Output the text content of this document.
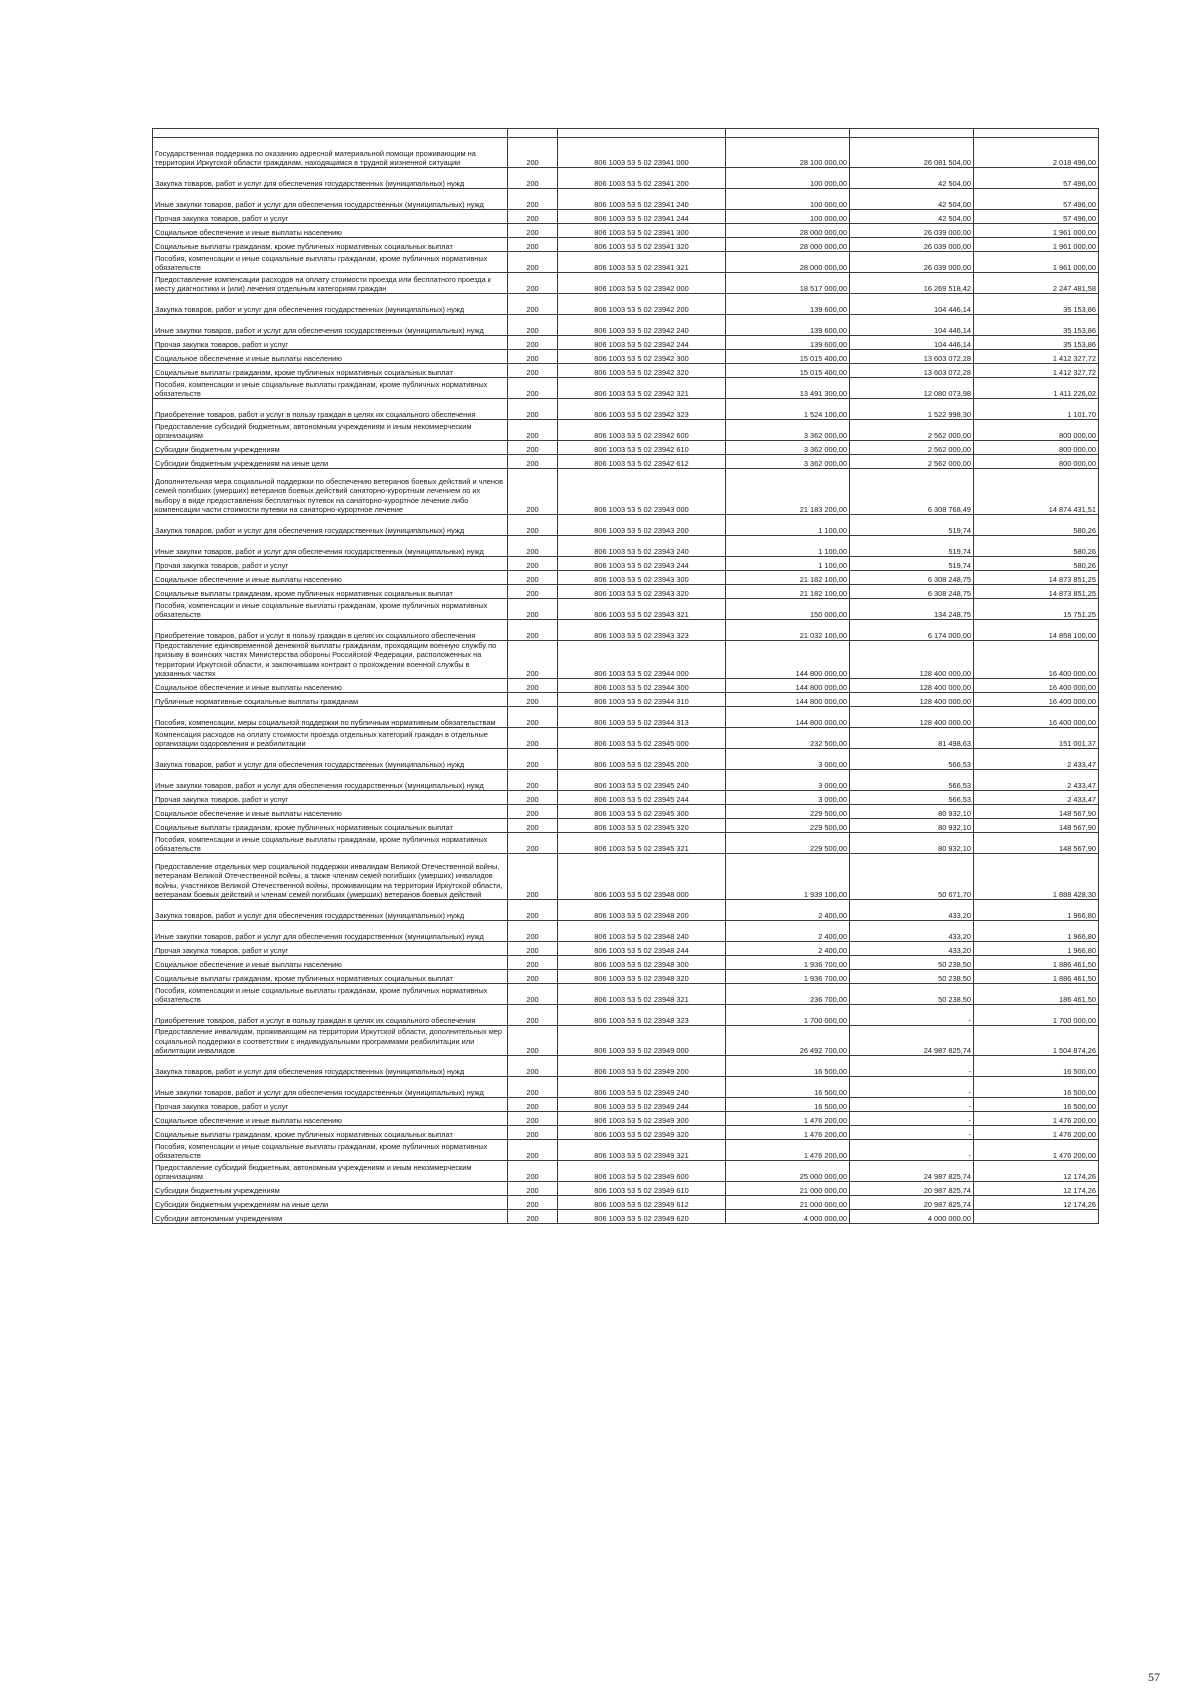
Государственная поддержка по оказанию адресной материальной помощи проживающим на территории Иркутской области гражданам, находящимся в трудной жизненной ситуации	200	806 1003 53 5 02 23941 000	28 100 000,00	26 081 504,00	2 018 496,00
Закупка товаров, работ и услуг для обеспечения государственных (муниципальных) нужд	200	806 1003 53 5 02 23941 200	100 000,00	42 504,00	57 496,00
Иные закупки товаров, работ и услуг для обеспечения государственных (муниципальных) нужд	200	806 1003 53 5 02 23941 240	100 000,00	42 504,00	57 496,00
Прочая закупка товаров, работ и услуг	200	806 1003 53 5 02 23941 244	100 000,00	42 504,00	57 496,00
Социальное обеспечение и иные выплаты населению	200	806 1003 53 5 02 23941 300	28 000 000,00	26 039 000,00	1 961 000,00
Социальные выплаты гражданам, кроме публичных нормативных социальных выплат	200	806 1003 53 5 02 23941 320	28 000 000,00	26 039 000,00	1 961 000,00
Пособия, компенсации и иные социальные выплаты гражданам, кроме публичных нормативных обязательств	200	806 1003 53 5 02 23941 321	28 000 000,00	26 039 000,00	1 961 000,00
Предоставление компенсации расходов на оплату стоимости проезда или бесплатного проезда к месту диагностики и (или) лечения отдельным категориям граждан	200	806 1003 53 5 02 23942 000	18 517 000,00	16 269 518,42	2 247 481,58
Закупка товаров, работ и услуг для обеспечения государственных (муниципальных) нужд	200	806 1003 53 5 02 23942 200	139 600,00	104 446,14	35 153,86
Иные закупки товаров, работ и услуг для обеспечения государственных (муниципальных) нужд	200	806 1003 53 5 02 23942 240	139 600,00	104 446,14	35 153,86
Прочая закупка товаров, работ и услуг	200	806 1003 53 5 02 23942 244	139 600,00	104 446,14	35 153,86
Социальное обеспечение и иные выплаты населению	200	806 1003 53 5 02 23942 300	15 015 400,00	13 603 072,28	1 412 327,72
Социальные выплаты гражданам, кроме публичных нормативных социальных выплат	200	806 1003 53 5 02 23942 320	15 015 400,00	13 603 072,28	1 412 327,72
Пособия, компенсации и иные социальные выплаты гражданам, кроме публичных нормативных обязательств	200	806 1003 53 5 02 23942 321	13 491 300,00	12 080 073,98	1 411 226,02
Приобретение товаров, работ и услуг в пользу граждан в целях их социального обеспечения	200	806 1003 53 5 02 23942 323	1 524 100,00	1 522 998,30	1 101,70
Предоставление субсидий бюджетным, автономным учреждениям и иным некоммерческим организациям	200	806 1003 53 5 02 23942 600	3 362 000,00	2 562 000,00	800 000,00
Субсидии бюджетным учреждениям	200	806 1003 53 5 02 23942 610	3 362 000,00	2 562 000,00	800 000,00
Субсидии бюджетным учреждениям на иные цели	200	806 1003 53 5 02 23942 612	3 362 000,00	2 562 000,00	800 000,00
Дополнительная мера социальной поддержки по обеспечению ветеранов боевых действий и членов семей погибших (умерших) ветеранов боевых действий санаторно-курортным лечением по их выбору в виде предоставления бесплатных путевок на санаторно-курортное лечение либо компенсации части стоимости путевки на санаторно-курортное лечение	200	806 1003 53 5 02 23943 000	21 183 200,00	6 308 768,49	14 874 431,51
Закупка товаров, работ и услуг для обеспечения государственных (муниципальных) нужд	200	806 1003 53 5 02 23943 200	1 100,00	519,74	580,26
Иные закупки товаров, работ и услуг для обеспечения государственных (муниципальных) нужд	200	806 1003 53 5 02 23943 240	1 100,00	519,74	580,26
Прочая закупка товаров, работ и услуг	200	806 1003 53 5 02 23943 244	1 100,00	519,74	580,26
Социальное обеспечение и иные выплаты населению	200	806 1003 53 5 02 23943 300	21 182 100,00	6 308 248,75	14 873 851,25
Социальные выплаты гражданам, кроме публичных нормативных социальных выплат	200	806 1003 53 5 02 23943 320	21 182 100,00	6 308 248,75	14 873 851,25
Пособия, компенсации и иные социальные выплаты гражданам, кроме публичных нормативных обязательств	200	806 1003 53 5 02 23943 321	150 000,00	134 248,75	15 751,25
Приобретение товаров, работ и услуг в пользу граждан в целях их социального обеспечения	200	806 1003 53 5 02 23943 323	21 032 100,00	6 174 000,00	14 858 100,00
Предоставление единовременной денежной выплаты гражданам, проходящим военную службу по призыву в воинских частях Министерства обороны Российской Федерации, расположенных на территории Иркутской области, и заключившим контракт о прохождении военной службы в указанных частях	200	806 1003 53 5 02 23944 000	144 800 000,00	128 400 000,00	16 400 000,00
Социальное обеспечение и иные выплаты населению	200	806 1003 53 5 02 23944 300	144 800 000,00	128 400 000,00	16 400 000,00
Публичные нормативные социальные выплаты гражданам	200	806 1003 53 5 02 23944 310	144 800 000,00	128 400 000,00	16 400 000,00
Пособия, компенсации, меры социальной поддержки по публичным нормативным обязательствам	200	806 1003 53 5 02 23944 313	144 800 000,00	128 400 000,00	16 400 000,00
Компенсация расходов на оплату стоимости проезда отдельных категорий граждан в отдельные организации оздоровления и реабилитации	200	806 1003 53 5 02 23945 000	232 500,00	81 498,63	151 001,37
Закупка товаров, работ и услуг для обеспечения государственных (муниципальных) нужд	200	806 1003 53 5 02 23945 200	3 000,00	566,53	2 433,47
Иные закупки товаров, работ и услуг для обеспечения государственных (муниципальных) нужд	200	806 1003 53 5 02 23945 240	3 000,00	566,53	2 433,47
Прочая закупка товаров, работ и услуг	200	806 1003 53 5 02 23945 244	3 000,00	566,53	2 433,47
Социальное обеспечение и иные выплаты населению	200	806 1003 53 5 02 23945 300	229 500,00	80 932,10	148 567,90
Социальные выплаты гражданам, кроме публичных нормативных социальных выплат	200	806 1003 53 5 02 23945 320	229 500,00	80 932,10	148 567,90
Пособия, компенсации и иные социальные выплаты гражданам, кроме публичных нормативных обязательств	200	806 1003 53 5 02 23945 321	229 500,00	80 932,10	148 567,90
Предоставление отдельных мер социальной поддержки инвалидам Великой Отечественной войны, ветеранам Великой Отечественной войны, а также членам семей погибших (умерших) инвалидов войны, участников Великой Отечественной войны, проживающим на территории Иркутской области, ветеранам боевых действий и членам семей погибших (умерших) ветеранов боевых действий	200	806 1003 53 5 02 23948 000	1 939 100,00	50 671,70	1 888 428,30
Закупка товаров, работ и услуг для обеспечения государственных (муниципальных) нужд	200	806 1003 53 5 02 23948 200	2 400,00	433,20	1 966,80
Иные закупки товаров, работ и услуг для обеспечения государственных (муниципальных) нужд	200	806 1003 53 5 02 23948 240	2 400,00	433,20	1 966,80
Прочая закупка товаров, работ и услуг	200	806 1003 53 5 02 23948 244	2 400,00	433,20	1 966,80
Социальное обеспечение и иные выплаты населению	200	806 1003 53 5 02 23948 300	1 936 700,00	50 238,50	1 886 461,50
Социальные выплаты гражданам, кроме публичных нормативных социальных выплат	200	806 1003 53 5 02 23948 320	1 936 700,00	50 238,50	1 886 461,50
Пособия, компенсации и иные социальные выплаты гражданам, кроме публичных нормативных обязательств	200	806 1003 53 5 02 23948 321	236 700,00	50 238,50	186 461,50
Приобретение товаров, работ и услуг в пользу граждан в целях их социального обеспечения	200	806 1003 53 5 02 23948 323	1 700 000,00	-	1 700 000,00
Предоставление инвалидам, проживающим на территории Иркутской области, дополнительных мер социальной поддержки в соответствии с индивидуальными программами реабилитации или абилитации инвалидов	200	806 1003 53 5 02 23949 000	26 492 700,00	24 987 825,74	1 504 874,26
Закупка товаров, работ и услуг для обеспечения государственных (муниципальных) нужд	200	806 1003 53 5 02 23949 200	16 500,00	-	16 500,00
Иные закупки товаров, работ и услуг для обеспечения государственных (муниципальных) нужд	200	806 1003 53 5 02 23949 240	16 500,00	-	16 500,00
Прочая закупка товаров, работ и услуг	200	806 1003 53 5 02 23949 244	16 500,00	-	16 500,00
Социальное обеспечение и иные выплаты населению	200	806 1003 53 5 02 23949 300	1 476 200,00	-	1 476 200,00
Социальные выплаты гражданам, кроме публичных нормативных социальных выплат	200	806 1003 53 5 02 23949 320	1 476 200,00	-	1 476 200,00
Пособия, компенсации и иные социальные выплаты гражданам, кроме публичных нормативных обязательств	200	806 1003 53 5 02 23949 321	1 476 200,00	-	1 476 200,00
Предоставление субсидий бюджетным, автономным учреждениям и иным некоммерческим организациям	200	806 1003 53 5 02 23949 600	25 000 000,00	24 987 825,74	12 174,26
Субсидии бюджетным учреждениям	200	806 1003 53 5 02 23949 610	21 000 000,00	20 987 825,74	12 174,26
Субсидии бюджетным учреждениям на иные цели	200	806 1003 53 5 02 23949 612	21 000 000,00	20 987 825,74	12 174,26
Субсидии автономным учреждениям	200	806 1003 53 5 02 23949 620	4 000 000,00	4 000 000,00	
57
